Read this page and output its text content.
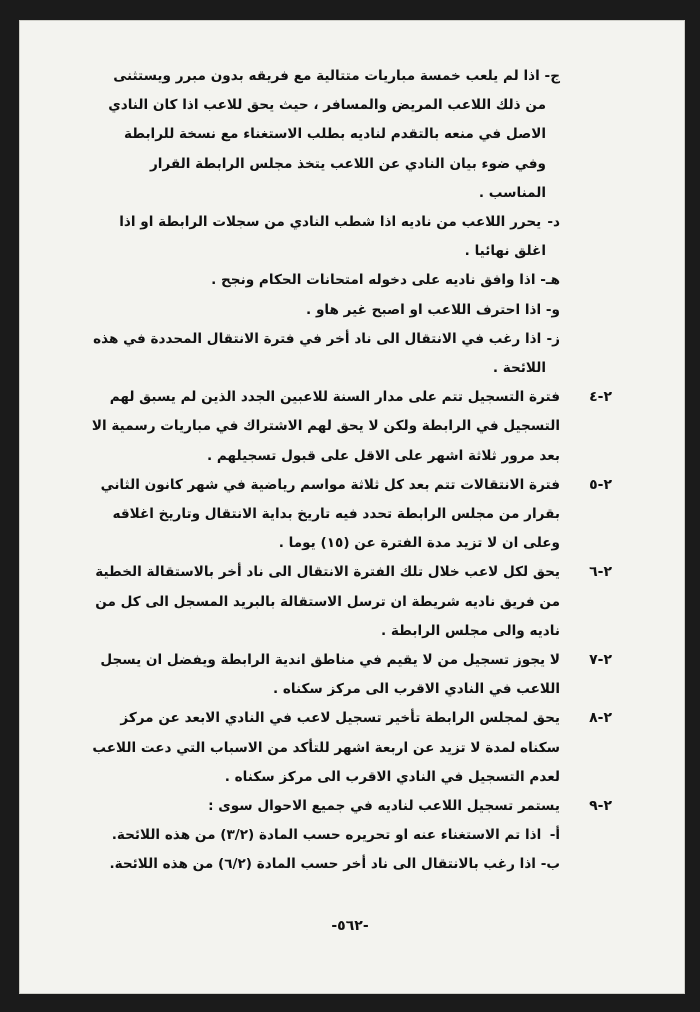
ج- اذا لم يلعب خمسة مباريات متتالية مع فريقه بدون مبرر ويستثنى
من ذلك اللاعب المريض والمسافر ، حيث يحق للاعب اذا كان النادي
الاصل في منعه بالتقدم لناديه بطلب الاستغناء مع نسخة للرابطة
وفي ضوء بيان النادي عن اللاعب يتخذ مجلس الرابطة القرار
المناسب .
د- يحرر اللاعب من ناديه اذا شطب النادي من سجلات الرابطة او اذا
اغلق نهائيا .
هـ- اذا وافق ناديه على دخوله امتحانات الحكام ونجح .
و- اذا احترف اللاعب او اصبح غير هاو .
ز- اذا رغب في الانتقال الى ناد أخر في فترة الانتقال المحددة في هذه
اللائحة .
٢-٤
فترة التسجيل تتم على مدار السنة للاعبين الجدد الذين لم يسبق لهم
التسجيل في الرابطة ولكن لا يحق لهم الاشتراك في مباريات رسمية الا
بعد مرور ثلاثة اشهر على الاقل على قبول تسجيلهم .
٢-٥
فترة الانتقالات تتم بعد كل ثلاثة مواسم رياضية في شهر كانون الثاني
بقرار من مجلس الرابطة تحدد فيه تاريخ بداية الانتقال وتاريخ اغلاقه
وعلى ان لا تزيد مدة الفترة عن (١٥) يوما .
٢-٦
يحق لكل لاعب خلال تلك الفترة الانتقال الى ناد أخر بالاستقالة الخطية
من فريق ناديه شريطة ان ترسل الاستقالة بالبريد المسجل الى كل من
ناديه والى مجلس الرابطة .
٢-٧
لا يجوز تسجيل من لا يقيم في مناطق اندية الرابطة ويفضل ان يسجل
اللاعب في النادي الاقرب الى مركز سكناه .
٢-٨
يحق لمجلس الرابطة تأخير تسجيل لاعب في النادي الابعد عن مركز
سكناه لمدة لا تزيد عن اربعة اشهر للتأكد من الاسباب التي دعت اللاعب
لعدم التسجيل في النادي الاقرب الى مركز سكناه .
٢-٩
يستمر تسجيل اللاعب لناديه في جميع الاحوال سوى :
أ- اذا تم الاستغناء عنه او تحريره حسب المادة (٣/٢) من هذه اللائحة.
ب- اذا رغب بالانتقال الى ناد أخر حسب المادة (٦/٢) من هذه اللائحة.
-٥٦٢-
